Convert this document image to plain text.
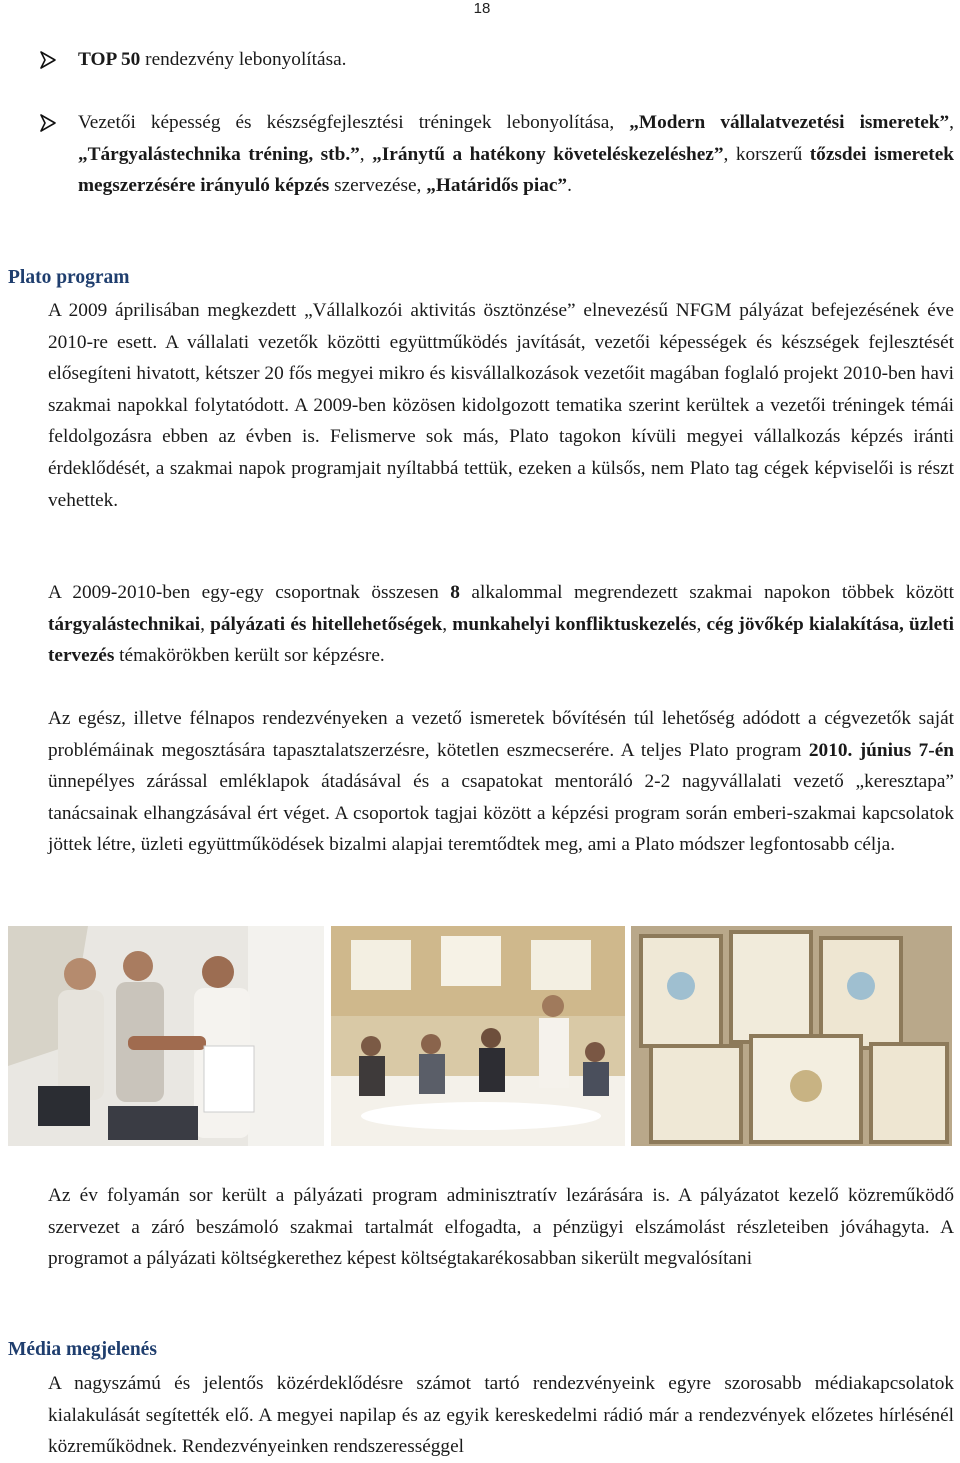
18
TOP 50 rendezvény lebonyolítása.
Vezetői képesség és készségfejlesztési tréningek lebonyolítása, „Modern vállalatvezetési ismeretek”, „Tárgyalástechnika tréning, stb.”, „Iránytű a hatékony követeléskezeléshez”, korszerű tőzsdei ismeretek megszerzésére irányuló képzés szervezése, „Határidős piac”.
Plato program
A 2009 áprilisában megkezdett „Vállalkozói aktivitás ösztönzése” elnevezésű NFGM pályázat befejezésének éve 2010-re esett. A vállalati vezetők közötti együttműködés javítását, vezetői képességek és készségek fejlesztését elősegíteni hivatott, kétszer 20 fős megyei mikro és kisvállalkozások vezetőit magában foglaló projekt 2010-ben havi szakmai napokkal folytatódott. A 2009-ben közösen kidolgozott tematika szerint kerültek a vezetői tréningek témái feldolgozásra ebben az évben is. Felismerve sok más, Plato tagokon kívüli megyei vállalkozás képzés iránti érdeklődését, a szakmai napok programjait nyíltabbá tettük, ezeken a külsős, nem Plato tag cégek képviselői is részt vehettek.
A 2009-2010-ben egy-egy csoportnak összesen 8 alkalommal megrendezett szakmai napokon többek között tárgyalástechnikai, pályázati és hitellehetőségek, munkahelyi konfliktuskezelés, cég jövőkép kialakítása, üzleti tervezés témakörökben került sor képzésre.
Az egész, illetve félnapos rendezvényeken a vezető ismeretek bővítésén túl lehetőség adódott a cégvezetők saját problémáinak megosztására tapasztalatszerzésre, kötetlen eszmecserére. A teljes Plato program 2010. június 7-én ünnepélyes zárással emléklapok átadásával és a csapatokat mentoráló 2-2 nagyvállalati vezető „keresztapa” tanácsainak elhangzásával ért véget. A csoportok tagjai között a képzési program során emberi-szakmai kapcsolatok jöttek létre, üzleti együttműködések bizalmi alapjai teremtődtek meg, ami a Plato módszer legfontosabb célja.
Az év folyamán sor került a pályázati program adminisztratív lezárására is. A pályázatot kezelő közreműködő szervezet a záró beszámoló szakmai tartalmát elfogadta, a pénzügyi elszámolást részleteiben jóváhagyta. A programot a pályázati költségkerethez képest költségtakarékosabban sikerült megvalósítani
Média megjelenés
A nagyszámú és jelentős közérdeklődésre számot tartó rendezvényeink egyre szorosabb médiakapcsolatok kialakulását segítették elő. A megyei napilap és az egyik kereskedelmi rádió már a rendezvények előzetes hírlésénél közreműködnek. Rendezvényeinken rendszerességgel
